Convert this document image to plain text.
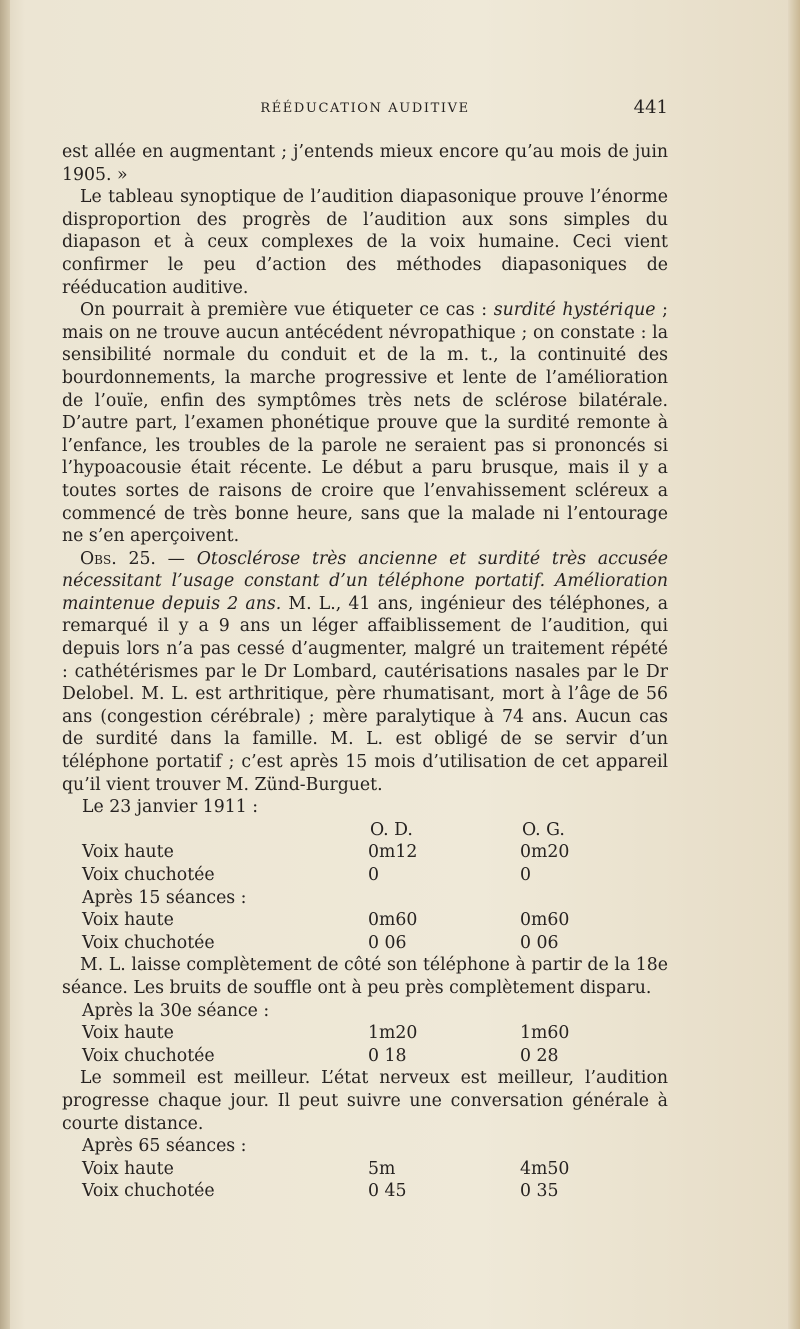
RÉÉDUCATION AUDITIVE	441

est allée en augmentant ; j’entends mieux encore qu’au mois de juin 1905. »

Le tableau synoptique de l’audition diapasonique prouve l’énorme disproportion des progrès de l’audition aux sons simples du diapason et à ceux complexes de la voix humaine. Ceci vient confirmer le peu d’action des méthodes diapasoniques de rééducation auditive.

On pourrait à première vue étiqueter ce cas : surdité hystérique ; mais on ne trouve aucun antécédent névropathique ; on constate : la sensibilité normale du conduit et de la m. t., la continuité des bourdonnements, la marche progressive et lente de l’amélioration de l’ouïe, enfin des symptômes très nets de sclérose bilatérale. D’autre part, l’examen phonétique prouve que la surdité remonte à l’enfance, les troubles de la parole ne seraient pas si prononcés si l’hypoacousie était récente. Le début a paru brusque, mais il y a toutes sortes de raisons de croire que l’envahissement scléreux a commencé de très bonne heure, sans que la malade ni l’entourage ne s’en aperçoivent.

Obs. 25. — Otosclérose très ancienne et surdité très accusée nécessitant l’usage constant d’un téléphone portatif. Amélioration maintenue depuis 2 ans. M. L., 41 ans, ingénieur des téléphones, a remarqué il y a 9 ans un léger affaiblissement de l’audition, qui depuis lors n’a pas cessé d’augmenter, malgré un traitement répété : cathétérismes par le Dr Lombard, cautérisations nasales par le Dr Delobel. M. L. est arthritique, père rhumatisant, mort à l’âge de 56 ans (congestion cérébrale) ; mère paralytique à 74 ans. Aucun cas de surdité dans la famille. M. L. est obligé de se servir d’un téléphone portatif ; c’est après 15 mois d’utilisation de cet appareil qu’il vient trouver M. Zünd-Burguet.

Le 23 janvier 1911 :
O. D.	O. G.
Voix haute	0m12	0m20
Voix chuchotée	0	0
Après 15 séances :
Voix haute	0m60	0m60
Voix chuchotée	0 06	0 06

M. L. laisse complètement de côté son téléphone à partir de la 18e séance. Les bruits de souffle ont à peu près complètement disparu.

Après la 30e séance :
Voix haute	1m20	1m60
Voix chuchotée	0 18	0 28

Le sommeil est meilleur. L’état nerveux est meilleur, l’audition progresse chaque jour. Il peut suivre une conversation générale à courte distance.

Après 65 séances :
Voix haute	5m	4m50
Voix chuchotée	0 45	0 35
